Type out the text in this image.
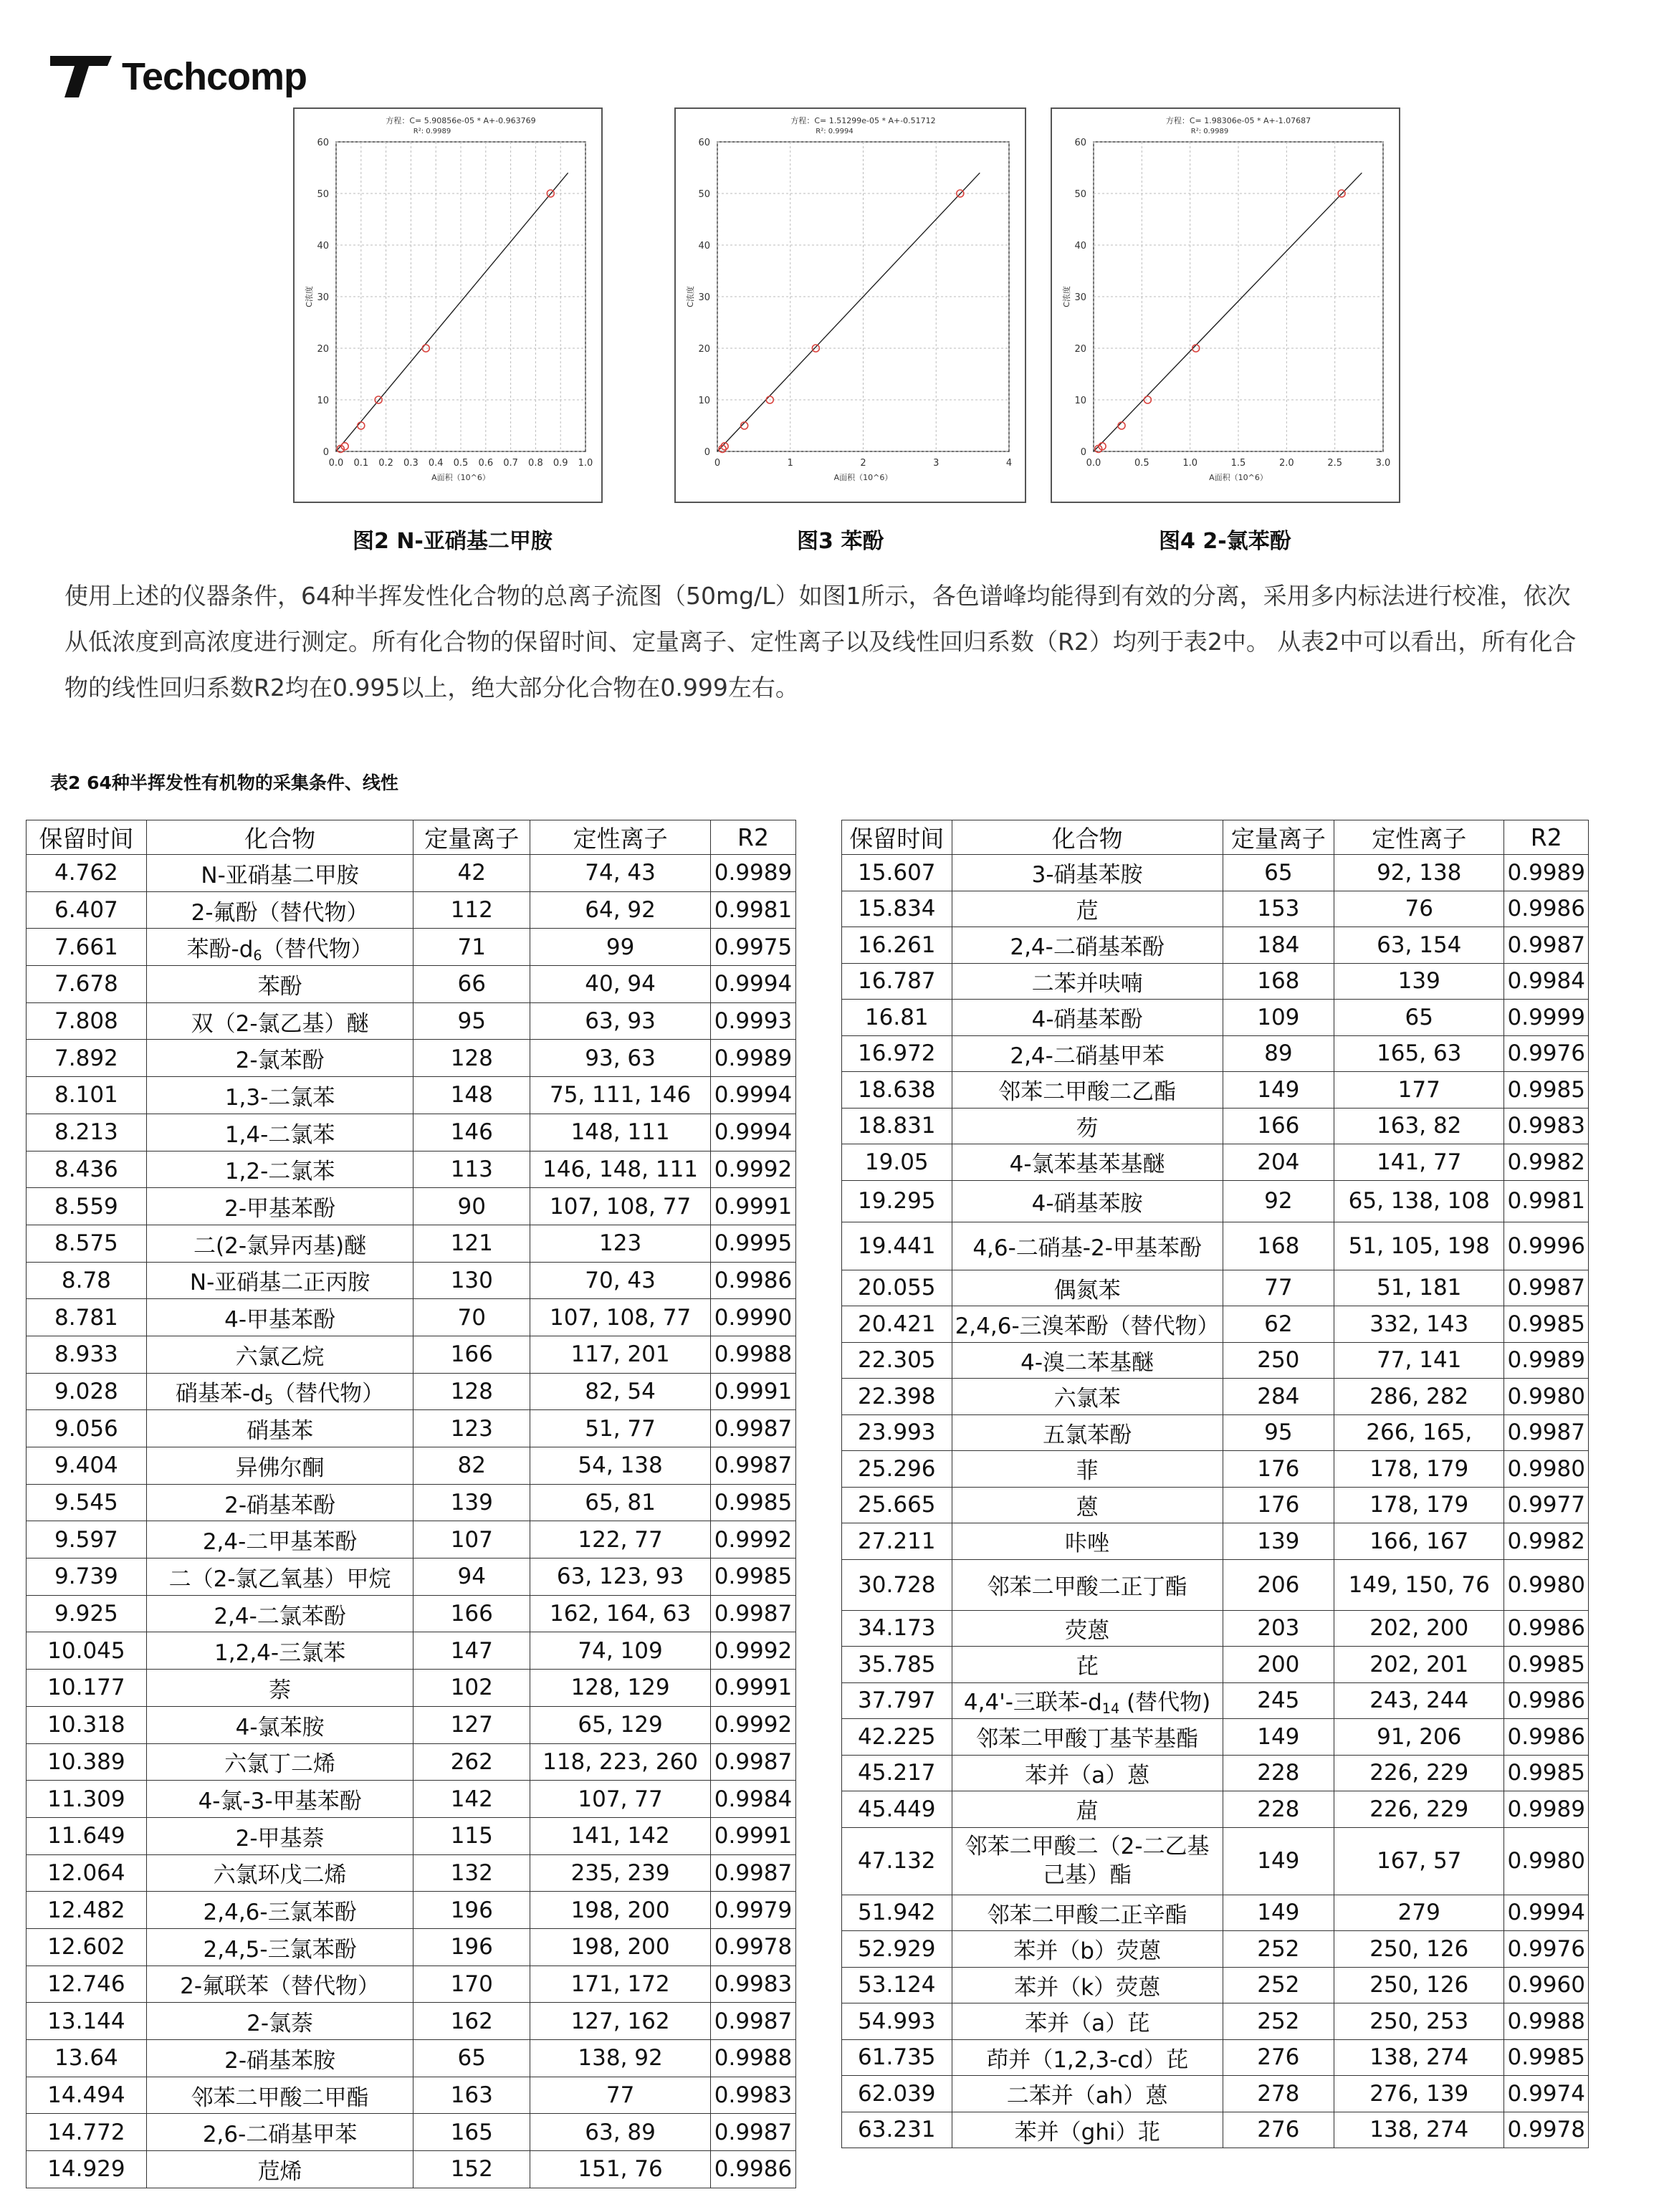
Techcomp
方程：C= 5.90856e-05 * A+-0.963769
R²: 0.9989
0.0 0.1 0.2 0.3 0.4 0.5 0.6 0.7 0.8 0.9 1.0
0
10
20
30
40
50
60
A面积（10^6）
C浓度
方程：C= 1.51299e-05 * A+-0.51712
R²: 0.9994
0	1	2	3	4
0
10
20
30
40
50
60
A面积（10^6）
C浓度
方程：C= 1.98306e-05 * A+-1.07687
R²: 0.9989
0.0	0.5	1.0	1.5	2.0	2.5	3.0
0
10
20
30
40
50
60
A面积（10^6）
C浓度
图2 N-亚硝基二甲胺	图3 苯酚	图4 2-氯苯酚

使用上述的仪器条件，64种半挥发性化合物的总离子流图（50mg/L）如图1所示，各色谱峰均能得到有效的分离，采用多内标法进行校准，依次从低浓度到高浓度进行测定。所有化合物的保留时间、定量离子、定性离子以及线性回归系数（R2）均列于表2中。 从表2中可以看出，所有化合物的线性回归系数R2均在0.995以上，绝大部分化合物在0.999左右。

表2 64种半挥发性有机物的采集条件、线性
保留时间	化合物	定量离子	定性离子	R2
4.762	N-亚硝基二甲胺	42	74, 43	0.9989
6.407	2-氟酚（替代物）	112	64, 92	0.9981
7.661	苯酚$-d_6$（替代物）	71	99	0.9975
7.678	苯酚	66	40, 94	0.9994
7.808	双（2-氯乙基）醚	95	63, 93	0.9993
7.892	2-氯苯酚	128	93, 63	0.9989
8.101	1,3-二氯苯	148	75, 111, 146	0.9994
8.213	1,4-二氯苯	146	148, 111	0.9994
8.436	1,2-二氯苯	113	146, 148, 111	0.9992
8.559	2-甲基苯酚	90	107, 108, 77	0.9991
8.575	二(2-氯异丙基)醚	121	123	0.9995
8.78	N-亚硝基二正丙胺	130	70, 43	0.9986
8.781	4-甲基苯酚	70	107, 108, 77	0.9990
8.933	六氯乙烷	166	117, 201	0.9988
9.028	硝基苯$-d_5$（替代物）	128	82, 54	0.9991
9.056	硝基苯	123	51, 77	0.9987
9.404	异佛尔酮	82	54, 138	0.9987
9.545	2-硝基苯酚	139	65, 81	0.9985
9.597	2,4-二甲基苯酚	107	122, 77	0.9992
9.739	二（2-氯乙氧基）甲烷	94	63, 123, 93	0.9985
9.925	2,4-二氯苯酚	166	162, 164, 63	0.9987
10.045	1,2,4-三氯苯	147	74, 109	0.9992
10.177	萘	102	128, 129	0.9991
10.318	4-氯苯胺	127	65, 129	0.9992
10.389	六氯丁二烯	262	118, 223, 260	0.9987
11.309	4-氯-3-甲基苯酚	142	107, 77	0.9984
11.649	2-甲基萘	115	141, 142	0.9991
12.064	六氯环戊二烯	132	235, 239	0.9987
12.482	2,4,6-三氯苯酚	196	198, 200	0.9979
12.602	2,4,5-三氯苯酚	196	198, 200	0.9978
12.746	2-氟联苯（替代物）	170	171, 172	0.9983
13.144	2-氯萘	162	127, 162	0.9987
13.64	2-硝基苯胺	65	138, 92	0.9988
14.494	邻苯二甲酸二甲酯	163	77	0.9983
14.772	2,6-二硝基甲苯	165	63, 89	0.9987
14.929	苊烯	152	151, 76	0.9986
保留时间	化合物	定量离子	定性离子	R2
15.607	3-硝基苯胺	65	92, 138	0.9989
15.834	苊	153	76	0.9986
16.261	2,4-二硝基苯酚	184	63, 154	0.9987
16.787	二苯并呋喃	168	139	0.9984
16.81	4-硝基苯酚	109	65	0.9999
16.972	2,4-二硝基甲苯	89	165, 63	0.9976
18.638	邻苯二甲酸二乙酯	149	177	0.9985
18.831	芴	166	163, 82	0.9983
19.05	4-氯苯基苯基醚	204	141, 77	0.9982
19.295	4-硝基苯胺	92	65, 138, 108	0.9981
19.441	4,6-二硝基-2-甲基苯酚	168	51, 105, 198	0.9996
20.055	偶氮苯	77	51, 181	0.9987
20.421	2,4,6-三溴苯酚（替代物）	62	332, 143	0.9985
22.305	4-溴二苯基醚	250	77, 141	0.9989
22.398	六氯苯	284	286, 282	0.9980
23.993	五氯苯酚	95	266, 165,	0.9987
25.296	菲	176	178, 179	0.9980
25.665	蒽	176	178, 179	0.9977
27.211	咔唑	139	166, 167	0.9982
30.728	邻苯二甲酸二正丁酯	206	149, 150, 76	0.9980
34.173	荧蒽	203	202, 200	0.9986
35.785	芘	200	202, 201	0.9985
37.797	4,4'-三联苯$-d_{14}$ (替代物)	245	243, 244	0.9986
42.225	邻苯二甲酸丁基苄基酯	149	91, 206	0.9986
45.217	苯并（a）蒽	228	226, 229	0.9985
45.449	䓛	228	226, 229	0.9989
47.132	邻苯二甲酸二（2-二乙基己基）酯	149	167, 57	0.9980
51.942	邻苯二甲酸二正辛酯	149	279	0.9994
52.929	苯并（b）荧蒽	252	250, 126	0.9976
53.124	苯并（k）荧蒽	252	250, 126	0.9960
54.993	苯并（a）芘	252	250, 253	0.9988
61.735	茚并（1,2,3-cd）芘	276	138, 274	0.9985
62.039	二苯并（ah）蒽	278	276, 139	0.9974
63.231	苯并（ghi）苝	276	138, 274	0.9978
